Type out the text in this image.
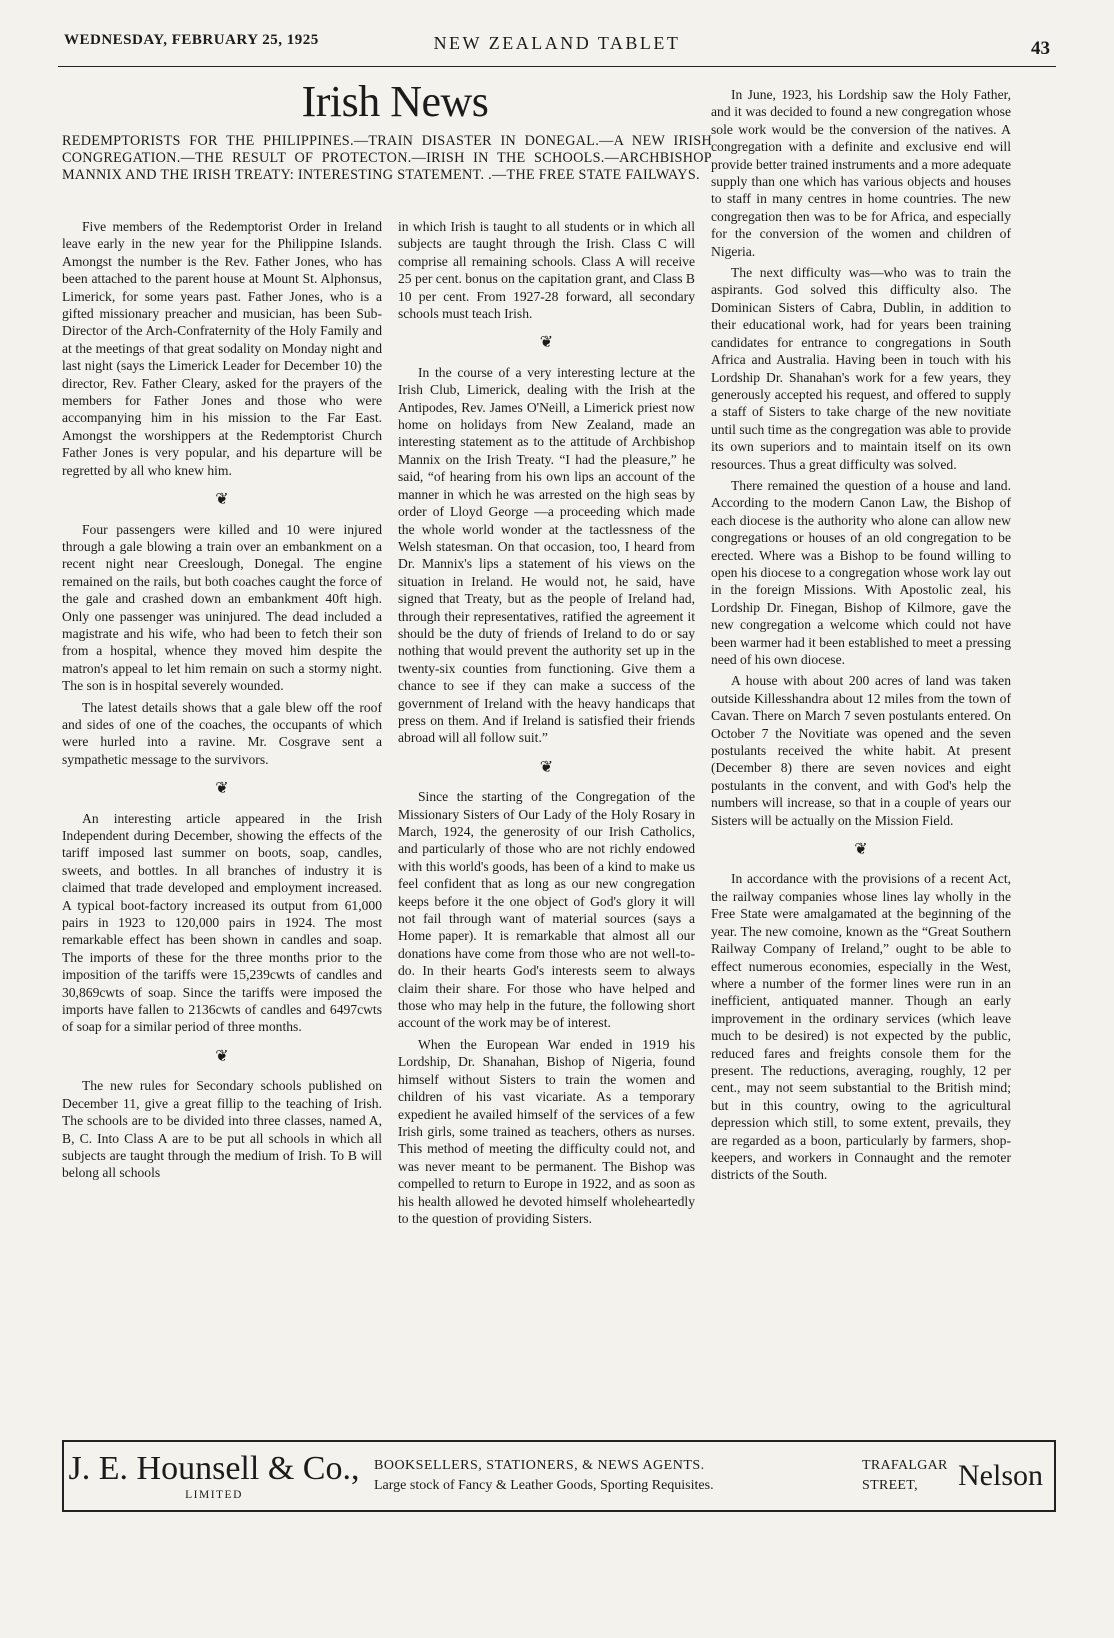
WEDNESDAY, FEBRUARY 25, 1925	NEW ZEALAND TABLET	43
Irish News
REDEMPTORISTS FOR THE PHILIPPINES.—TRAIN DISASTER IN DONEGAL.—A NEW IRISH CONGREGATION.—THE RESULT OF PROTECTON.—IRISH IN THE SCHOOLS.—ARCHBISHOP MANNIX AND THE IRISH TREATY: INTERESTING STATEMENT. .—THE FREE STATE FAILWAYS.

Five members of the Redemptorist Order in Ireland leave early in the new year for the Philippine Islands. Amongst the number is the Rev. Father Jones, who has been attached to the parent house at Mount St. Alphonsus, Limerick, for some years past. Father Jones, who is a gifted missionary preacher and musician, has been Sub-Director of the Arch-Confraternity of the Holy Family and at the meetings of that great sodality on Monday night and last night (says the Limerick Leader for December 10) the director, Rev. Father Cleary, asked for the prayers of the members for Father Jones and those who were accompanying him in his mission to the Far East. Amongst the worshippers at the Redemptorist Church Father Jones is very popular, and his departure will be regretted by all who knew him.

❦

Four passengers were killed and 10 were injured through a gale blowing a train over an embankment on a recent night near Creeslough, Donegal. The engine remained on the rails, but both coaches caught the force of the gale and crashed down an embankment 40ft high. Only one passenger was uninjured. The dead included a magistrate and his wife, who had been to fetch their son from a hospital, whence they moved him despite the matron's appeal to let him remain on such a stormy night. The son is in hospital severely wounded.

The latest details shows that a gale blew off the roof and sides of one of the coaches, the occupants of which were hurled into a ravine. Mr. Cosgrave sent a sympathetic message to the survivors.

❦

An interesting article appeared in the Irish Independent during December, showing the effects of the tariff imposed last summer on boots, soap, candles, sweets, and bottles. In all branches of industry it is claimed that trade developed and employment increased. A typical boot-factory increased its output from 61,000 pairs in 1923 to 120,000 pairs in 1924. The most remarkable effect has been shown in candles and soap. The imports of these for the three months prior to the imposition of the tariffs were 15,239cwts of candles and 30,869cwts of soap. Since the tariffs were imposed the imports have fallen to 2136cwts of candles and 6497cwts of soap for a similar period of three months.

❦

The new rules for Secondary schools published on December 11, give a great fillip to the teaching of Irish. The schools are to be divided into three classes, named A, B, C. Into Class A are to be put all schools in which all subjects are taught through the medium of Irish. To B will belong all schools

in which Irish is taught to all students or in which all subjects are taught through the Irish. Class C will comprise all remaining schools. Class A will receive 25 per cent. bonus on the capitation grant, and Class B 10 per cent. From 1927-28 forward, all secondary schools must teach Irish.

❦

In the course of a very interesting lecture at the Irish Club, Limerick, dealing with the Irish at the Antipodes, Rev. James O'Neill, a Limerick priest now home on holidays from New Zealand, made an interesting statement as to the attitude of Archbishop Mannix on the Irish Treaty. “I had the pleasure,” he said, “of hearing from his own lips an account of the manner in which he was arrested on the high seas by order of Lloyd George —a proceeding which made the whole world wonder at the tactlessness of the Welsh statesman. On that occasion, too, I heard from Dr. Mannix's lips a statement of his views on the situation in Ireland. He would not, he said, have signed that Treaty, but as the people of Ireland had, through their representatives, ratified the agreement it should be the duty of friends of Ireland to do or say nothing that would prevent the authority set up in the twenty-six counties from functioning. Give them a chance to see if they can make a success of the government of Ireland with the heavy handicaps that press on them. And if Ireland is satisfied their friends abroad will all follow suit.”

❦

Since the starting of the Congregation of the Missionary Sisters of Our Lady of the Holy Rosary in March, 1924, the generosity of our Irish Catholics, and particularly of those who are not richly endowed with this world's goods, has been of a kind to make us feel confident that as long as our new congregation keeps before it the one object of God's glory it will not fail through want of material sources (says a Home paper). It is remarkable that almost all our donations have come from those who are not well-to-do. In their hearts God's interests seem to always claim their share. For those who have helped and those who may help in the future, the following short account of the work may be of interest.

When the European War ended in 1919 his Lordship, Dr. Shanahan, Bishop of Nigeria, found himself without Sisters to train the women and children of his vast vicariate. As a temporary expedient he availed himself of the services of a few Irish girls, some trained as teachers, others as nurses. This method of meeting the difficulty could not, and was never meant to be permanent. The Bishop was compelled to return to Europe in 1922, and as soon as his health allowed he devoted himself wholeheartedly to the question of providing Sisters.

In June, 1923, his Lordship saw the Holy Father, and it was decided to found a new congregation whose sole work would be the conversion of the natives. A congregation with a definite and exclusive end will provide better trained instruments and a more adequate supply than one which has various objects and houses to staff in many centres in home countries. The new congregation then was to be for Africa, and especially for the conversion of the women and children of Nigeria.

The next difficulty was—who was to train the aspirants. God solved this difficulty also. The Dominican Sisters of Cabra, Dublin, in addition to their educational work, had for years been training candidates for entrance to congregations in South Africa and Australia. Having been in touch with his Lordship Dr. Shanahan's work for a few years, they generously accepted his request, and offered to supply a staff of Sisters to take charge of the new novitiate until such time as the congregation was able to provide its own superiors and to maintain itself on its own resources. Thus a great difficulty was solved.

There remained the question of a house and land. According to the modern Canon Law, the Bishop of each diocese is the authority who alone can allow new congregations or houses of an old congregation to be erected. Where was a Bishop to be found willing to open his diocese to a congregation whose work lay out in the foreign Missions. With Apostolic zeal, his Lordship Dr. Finegan, Bishop of Kilmore, gave the new congregation a welcome which could not have been warmer had it been established to meet a pressing need of his own diocese.

A house with about 200 acres of land was taken outside Killesshandra about 12 miles from the town of Cavan. There on March 7 seven postulants entered. On October 7 the Novitiate was opened and the seven postulants received the white habit. At present (December 8) there are seven novices and eight postulants in the convent, and with God's help the numbers will increase, so that in a couple of years our Sisters will be actually on the Mission Field.

❦

In accordance with the provisions of a recent Act, the railway companies whose lines lay wholly in the Free State were amalgamated at the beginning of the year. The new comoine, known as the “Great Southern Railway Company of Ireland,” ought to be able to effect numerous economies, especially in the West, where a number of the former lines were run in an inefficient, antiquated manner. Though an early improvement in the ordinary services (which leave much to be desired) is not expected by the public, reduced fares and freights console them for the present. The reductions, averaging, roughly, 12 per cent., may not seem substantial to the British mind; but in this country, owing to the agricultural depression which still, to some extent, prevails, they are regarded as a boon, particularly by farmers, shop-keepers, and workers in Connaught and the remoter districts of the South.

J. E. Hounsell & Co.,
LIMITED
BOOKSELLERS, STATIONERS, & NEWS AGENTS.
Large stock of Fancy & Leather Goods, Sporting Requisites.
TRAFALGAR
STREET,	Nelson
